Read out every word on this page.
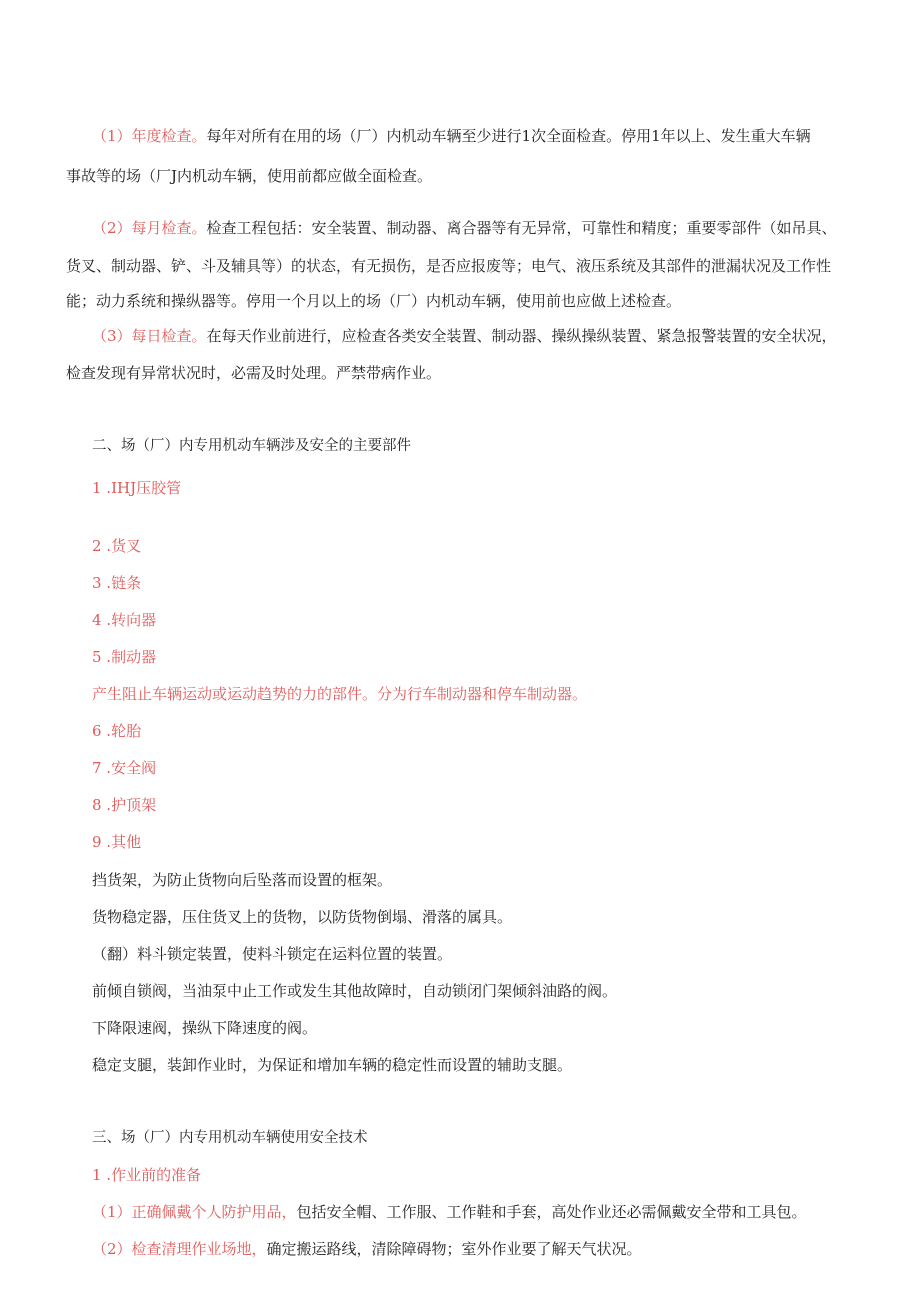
（1）年度检查。每年对所有在用的场（厂）内机动车辆至少进行1次全面检查。停用1年以上、发生重大车辆
事故等的场（厂J内机动车辆，使用前都应做全面检查。
（2）每月检查。检查工程包括：安全装置、制动器、离合器等有无异常，可靠性和精度；重要零部件（如吊具、
货叉、制动器、铲、斗及辅具等）的状态，有无损伤，是否应报废等；电气、液压系统及其部件的泄漏状况及工作性
能；动力系统和操纵器等。停用一个月以上的场（厂）内机动车辆，使用前也应做上述检查。
（3）每日检查。在每天作业前进行，应检查各类安全装置、制动器、操纵操纵装置、紧急报警装置的安全状况，
检查发现有异常状况时，必需及时处理。严禁带病作业。
二、场（厂）内专用机动车辆涉及安全的主要部件
1 .IHJ压胶管
2 .货叉
3 .链条
4 .转向器
5 .制动器
产生阻止车辆运动或运动趋势的力的部件。分为行车制动器和停车制动器。
6 .轮胎
7 .安全阀
8 .护顶架
9 .其他
挡货架，为防止货物向后坠落而设置的框架。
货物稳定器，压住货叉上的货物，以防货物倒塌、滑落的属具。
（翻）料斗锁定装置，使料斗锁定在运料位置的装置。
前倾自锁阀，当油泵中止工作或发生其他故障时，自动锁闭门架倾斜油路的阀。
下降限速阀，操纵下降速度的阀。
稳定支腿，装卸作业时，为保证和增加车辆的稳定性而设置的辅助支腿。
三、场（厂）内专用机动车辆使用安全技术
1 .作业前的准备
（1）正确佩戴个人防护用品，包括安全帽、工作服、工作鞋和手套，高处作业还必需佩戴安全带和工具包。
（2）检查清理作业场地，确定搬运路线，清除障碍物；室外作业要了解天气状况。
